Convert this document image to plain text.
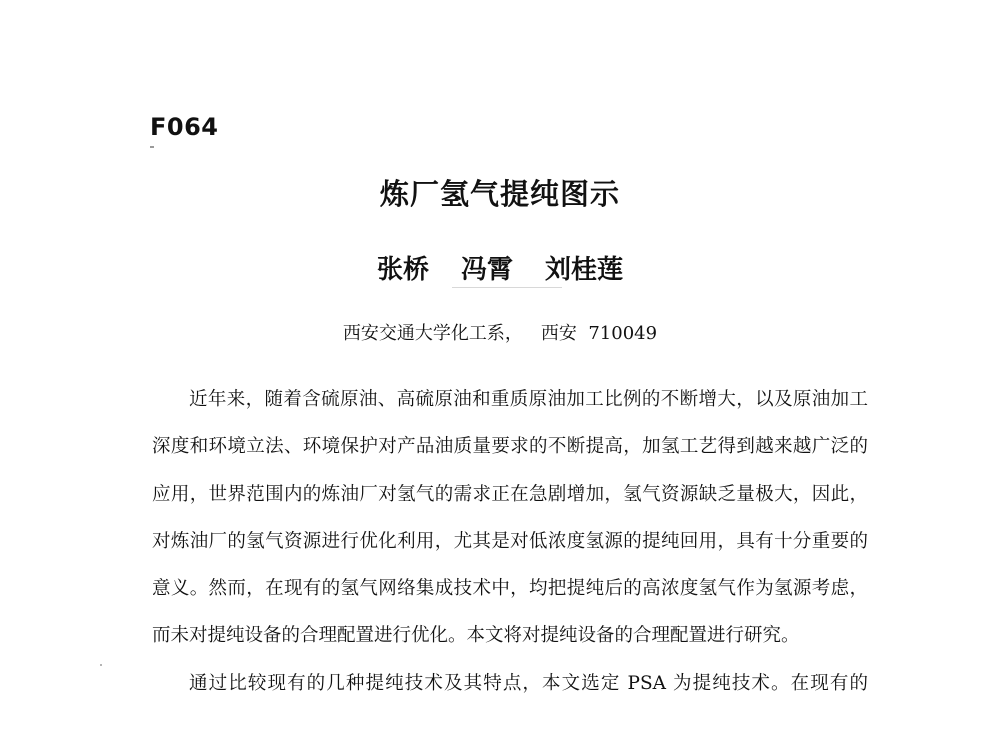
F064
炼厂氢气提纯图示
张桥 冯霄 刘桂莲
西安交通大学化工系， 西安 710049

近年来，随着含硫原油、高硫原油和重质原油加工比例的不断增大，以及原油加工深度和环境立法、环境保护对产品油质量要求的不断提高，加氢工艺得到越来越广泛的应用，世界范围内的炼油厂对氢气的需求正在急剧增加，氢气资源缺乏量极大，因此，对炼油厂的氢气资源进行优化利用，尤其是对低浓度氢源的提纯回用，具有十分重要的意义。然而，在现有的氢气网络集成技术中，均把提纯后的高浓度氢气作为氢源考虑，而未对提纯设备的合理配置进行优化。本文将对提纯设备的合理配置进行研究。

通过比较现有的几种提纯技术及其特点，本文选定 PSA 为提纯技术。在现有的
